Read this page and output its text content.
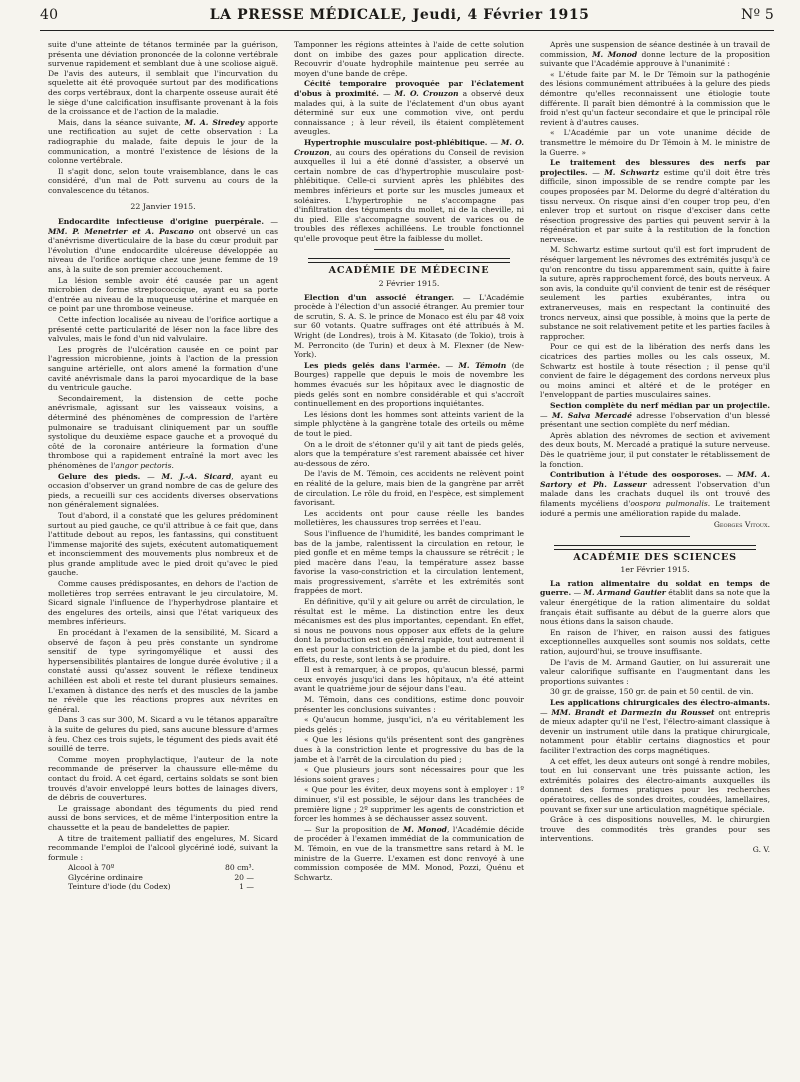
40	LA PRESSE MÉDICALE, Jeudi, 4 Février 1915	Nº 5

suite d'une atteinte de tétanos terminée par la guérison, présenta une déviation prononcée de la colonne vertébrale survenue rapidement et semblant due à une scoliose aiguë. De l'avis des auteurs, il semblait que l'incurvation du squelette ait été provoquée surtout par des modifications des corps vertébraux, dont la charpente osseuse aurait été le siège d'une calcification insuffisante provenant à la fois de la croissance et de l'action de la maladie.

Mais, dans la séance suivante, M. A. Siredey apporte une rectification au sujet de cette observation : La radiographie du malade, faite depuis le jour de la communication, a montré l'existence de lésions de la colonne vertébrale.

Il s'agit donc, selon toute vraisemblance, dans le cas considéré, d'un mal de Pott survenu au cours de la convalescence du tétanos.

22 Janvier 1915.

Endocardite infectieuse d'origine puerpérale. — MM. P. Menetrier et A. Pascano ont observé un cas d'anévrisme diverticulaire de la base du cœur produit par l'évolution d'une endocardite ulcéreuse développée au niveau de l'orifice aortique chez une jeune femme de 19 ans, à la suite de son premier accouchement.

La lésion semble avoir été causée par un agent microbien de forme streptococcique, ayant eu sa porte d'entrée au niveau de la muqueuse utérine et marquée en ce point par une thrombose veineuse.

Cette infection localisée au niveau de l'orifice aortique a présenté cette particularité de léser non la face libre des valvules, mais le fond d'un nid valvulaire.

Les progrès de l'ulcération causée en ce point par l'agression microbienne, joints à l'action de la pression sanguine artérielle, ont alors amené la formation d'une cavité anévrismale dans la paroi myocardique de la base du ventricule gauche.

Secondairement, la distension de cette poche anévrismale, agissant sur les vaisseaux voisins, a déterminé des phénomènes de compression de l'artère pulmonaire se traduisant cliniquement par un souffle systolique du deuxième espace gauche et a provoqué du côté de la coronaire antérieure la formation d'une thrombose qui a rapidement entraîné la mort avec les phénomènes de l'angor pectoris.

Gelure des pieds. — M. J.-A. Sicard, ayant eu occasion d'observer un grand nombre de cas de gelure des pieds, a recueilli sur ces accidents diverses observations non généralement signalées.

Tout d'abord, il a constaté que les gelures prédominent surtout au pied gauche, ce qu'il attribue à ce fait que, dans l'attitude debout au repos, les fantassins, qui constituent l'immense majorité des sujets, exécutent automatiquement et inconsciemment des mouvements plus nombreux et de plus grande amplitude avec le pied droit qu'avec le pied gauche.

Comme causes prédisposantes, en dehors de l'action de molletières trop serrées entravant le jeu circulatoire, M. Sicard signale l'influence de l'hyperhydrose plantaire et des engelures des orteils, ainsi que l'état variqueux des membres inférieurs.

En procédant à l'examen de la sensibilité, M. Sicard a observé de façon à peu près constante un syndrome sensitif de type syringomyélique et aussi des hypersensibilités plantaires de longue durée évolutive ; il a constaté aussi qu'assez souvent le réflexe tendineux achilléen est aboli et reste tel durant plusieurs semaines. L'examen à distance des nerfs et des muscles de la jambe ne révèle que les réactions propres aux névrites en général.

Dans 3 cas sur 300, M. Sicard a vu le tétanos apparaître à la suite de gelures du pied, sans aucune blessure d'armes à feu. Chez ces trois sujets, le tégument des pieds avait été souillé de terre.

Comme moyen prophylactique, l'auteur de la note recommande de préserver la chaussure elle-même du contact du froid. A cet égard, certains soldats se sont bien trouvés d'avoir enveloppé leurs bottes de lainages divers, de débris de couvertures.

Le graissage abondant des téguments du pied rend aussi de bons services, et de même l'interposition entre la chaussette et la peau de bandelettes de papier.

A titre de traitement palliatif des engelures, M. Sicard recommande l'emploi de l'alcool glycériné iodé, suivant la formule :

Alcool à 70º	80 cm³.
Glycérine ordinaire	20 —
Teinture d'iode (du Codex)	1 —

Tamponner les régions atteintes à l'aide de cette solution dont on imbibe des gazes pour application directe. Recouvrir d'ouate hydrophile maintenue peu serrée au moyen d'une bande de crêpe.

Cécité temporaire provoquée par l'éclatement d'obus à proximité. — M. O. Crouzon a observé deux malades qui, à la suite de l'éclatement d'un obus ayant déterminé sur eux une commotion vive, ont perdu connaissance ; à leur réveil, ils étaient complètement aveugles.

Hypertrophie musculaire post-phlébitique. — M. O. Crouzon, au cours des opérations du Conseil de revision auxquelles il lui a été donné d'assister, a observé un certain nombre de cas d'hypertrophie musculaire post-phlébitique. Celle-ci survient après les phlébites des membres inférieurs et porte sur les muscles jumeaux et soléaires. L'hypertrophie ne s'accompagne pas d'infiltration des téguments du mollet, ni de la cheville, ni du pied. Elle s'accompagne souvent de varices ou de troubles des réflexes achilléens. Le trouble fonctionnel qu'elle provoque peut être la faiblesse du mollet.

ACADÉMIE DE MÉDECINE
2 Février 1915.

Election d'un associé étranger. — L'Académie procède à l'élection d'un associé étranger. Au premier tour de scrutin, S. A. S. le prince de Monaco est élu par 48 voix sur 60 votants. Quatre suffrages ont été attribués à M. Wright (de Londres), trois à M. Kitasato (de Tokio), trois à M. Perroncito (de Turin) et deux à M. Flexner (de New-York).

Les pieds gelés dans l'armée. — M. Témoin (de Bourges) rappelle que depuis le mois de novembre les hommes évacués sur les hôpitaux avec le diagnostic de pieds gelés sont en nombre considérable et qui s'accroît continuellement en des proportions inquiétantes.

Les lésions dont les hommes sont atteints varient de la simple phlyctène à la gangrène totale des orteils ou même de tout le pied.

On a le droit de s'étonner qu'il y ait tant de pieds gelés, alors que la température s'est rarement abaissée cet hiver au-dessous de zéro.

De l'avis de M. Témoin, ces accidents ne relèvent point en réalité de la gelure, mais bien de la gangrène par arrêt de circulation. Le rôle du froid, en l'espèce, est simplement favorisant.

Les accidents ont pour cause réelle les bandes molletières, les chaussures trop serrées et l'eau.

Sous l'influence de l'humidité, les bandes comprimant le bas de la jambe, ralentissent la circulation en retour, le pied gonfle et en même temps la chaussure se rétrécit ; le pied macère dans l'eau, la température assez basse favorise la vaso-constriction et la circulation lentement, mais progressivement, s'arrête et les extrémités sont frappées de mort.

En définitive, qu'il y ait gelure ou arrêt de circulation, le résultat est le même. La distinction entre les deux mécanismes est des plus importantes, cependant. En effet, si nous ne pouvons nous opposer aux effets de la gelure dont la production est en général rapide, tout autrement il en est pour la constriction de la jambe et du pied, dont les effets, du reste, sont lents à se produire.

Il est à remarquer, à ce propos, qu'aucun blessé, parmi ceux envoyés jusqu'ici dans les hôpitaux, n'a été atteint avant le quatrième jour de séjour dans l'eau.

M. Témoin, dans ces conditions, estime donc pouvoir présenter les conclusions suivantes :

« Qu'aucun homme, jusqu'ici, n'a eu véritablement les pieds gelés ;

« Que les lésions qu'ils présentent sont des gangrènes dues à la constriction lente et progressive du bas de la jambe et à l'arrêt de la circulation du pied ;

« Que plusieurs jours sont nécessaires pour que les lésions soient graves ;

« Que pour les éviter, deux moyens sont à employer : 1º diminuer, s'il est possible, le séjour dans les tranchées de première ligne ; 2º supprimer les agents de constriction et forcer les hommes à se déchausser assez souvent.

— Sur la proposition de M. Monod, l'Académie décide de procéder à l'examen immédiat de la communication de M. Témoin, en vue de la transmettre sans retard à M. le ministre de la Guerre. L'examen est donc renvoyé à une commission composée de MM. Monod, Pozzi, Quénu et Schwartz.

Après une suspension de séance destinée à un travail de commission, M. Monod donne lecture de la proposition suivante que l'Académie approuve à l'unanimité :

« L'étude faite par M. le Dr Témoin sur la pathogénie des lésions communément attribuées à la gelure des pieds démontre qu'elles reconnaissent une étiologie toute différente. Il paraît bien démontré à la commission que le froid n'est qu'un facteur secondaire et que le principal rôle revient à d'autres causes.

« L'Académie par un vote unanime décide de transmettre le mémoire du Dr Témoin à M. le ministre de la Guerre. »

Le traitement des blessures des nerfs par projectiles. — M. Schwartz estime qu'il doit être très difficile, sinon impossible de se rendre compte par les coupes proposées par M. Delorme du degré d'altération du tissu nerveux. On risque ainsi d'en couper trop peu, d'en enlever trop et surtout on risque d'exciser dans cette résection progressive des parties qui peuvent servir à la régénération et par suite à la restitution de la fonction nerveuse.

M. Schwartz estime surtout qu'il est fort imprudent de réséquer largement les névromes des extrémités jusqu'à ce qu'on rencontre du tissu apparemment sain, quitte à faire la suture, après rapprochement forcé, des bouts nerveux. A son avis, la conduite qu'il convient de tenir est de réséquer seulement les parties exubérantes, intra ou extranerveuses, mais en respectant la continuité des troncs nerveux, ainsi que possible, à moins que la perte de substance ne soit relativement petite et les parties faciles à rapprocher.

Pour ce qui est de la libération des nerfs dans les cicatrices des parties molles ou les cals osseux, M. Schwartz est hostile à toute résection ; il pense qu'il convient de faire le dégagement des cordons nerveux plus ou moins aminci et altéré et de le protéger en l'enveloppant de parties musculaires saines.

Section complète du nerf médian par un projectile. — M. Salva Mercadé adresse l'observation d'un blessé présentant une section complète du nerf médian.

Après ablation des névromes de section et avivement des deux bouts, M. Mercadé a pratiqué la suture nerveuse. Dès le quatrième jour, il put constater le rétablissement de la fonction.

Contribution à l'étude des oosporoses. — MM. A. Sartory et Ph. Lasseur adressent l'observation d'un malade dans les crachats duquel ils ont trouvé des filaments mycéliens d'oospora pulmonalis. Le traitement ioduré a permis une amélioration rapide du malade.

Georges Vitoux.
ACADÉMIE DES SCIENCES
1er Février 1915.

La ration alimentaire du soldat en temps de guerre. — M. Armand Gautier établit dans sa note que la valeur énergétique de la ration alimentaire du soldat français était suffisante au début de la guerre alors que nous étions dans la saison chaude.

En raison de l'hiver, en raison aussi des fatigues exceptionnelles auxquelles sont soumis nos soldats, cette ration, aujourd'hui, se trouve insuffisante.

De l'avis de M. Armand Gautier, on lui assurerait une valeur calorifique suffisante en l'augmentant dans les proportions suivantes :

30 gr. de graisse, 150 gr. de pain et 50 centil. de vin.

Les applications chirurgicales des électro-aimants. — MM. Brandt et Darmezin du Rousset ont entrepris de mieux adapter qu'il ne l'est, l'électro-aimant classique à devenir un instrument utile dans la pratique chirurgicale, notamment pour établir certains diagnostics et pour faciliter l'extraction des corps magnétiques.

A cet effet, les deux auteurs ont songé à rendre mobiles, tout en lui conservant une très puissante action, les extrémités polaires des électro-aimants auxquelles ils donnent des formes pratiques pour les recherches opératoires, celles de sondes droites, coudées, lamellaires, pouvant se fixer sur une articulation magnétique spéciale.

Grâce à ces dispositions nouvelles, M. le chirurgien trouve des commodités très grandes pour ses interventions.

G. V.
